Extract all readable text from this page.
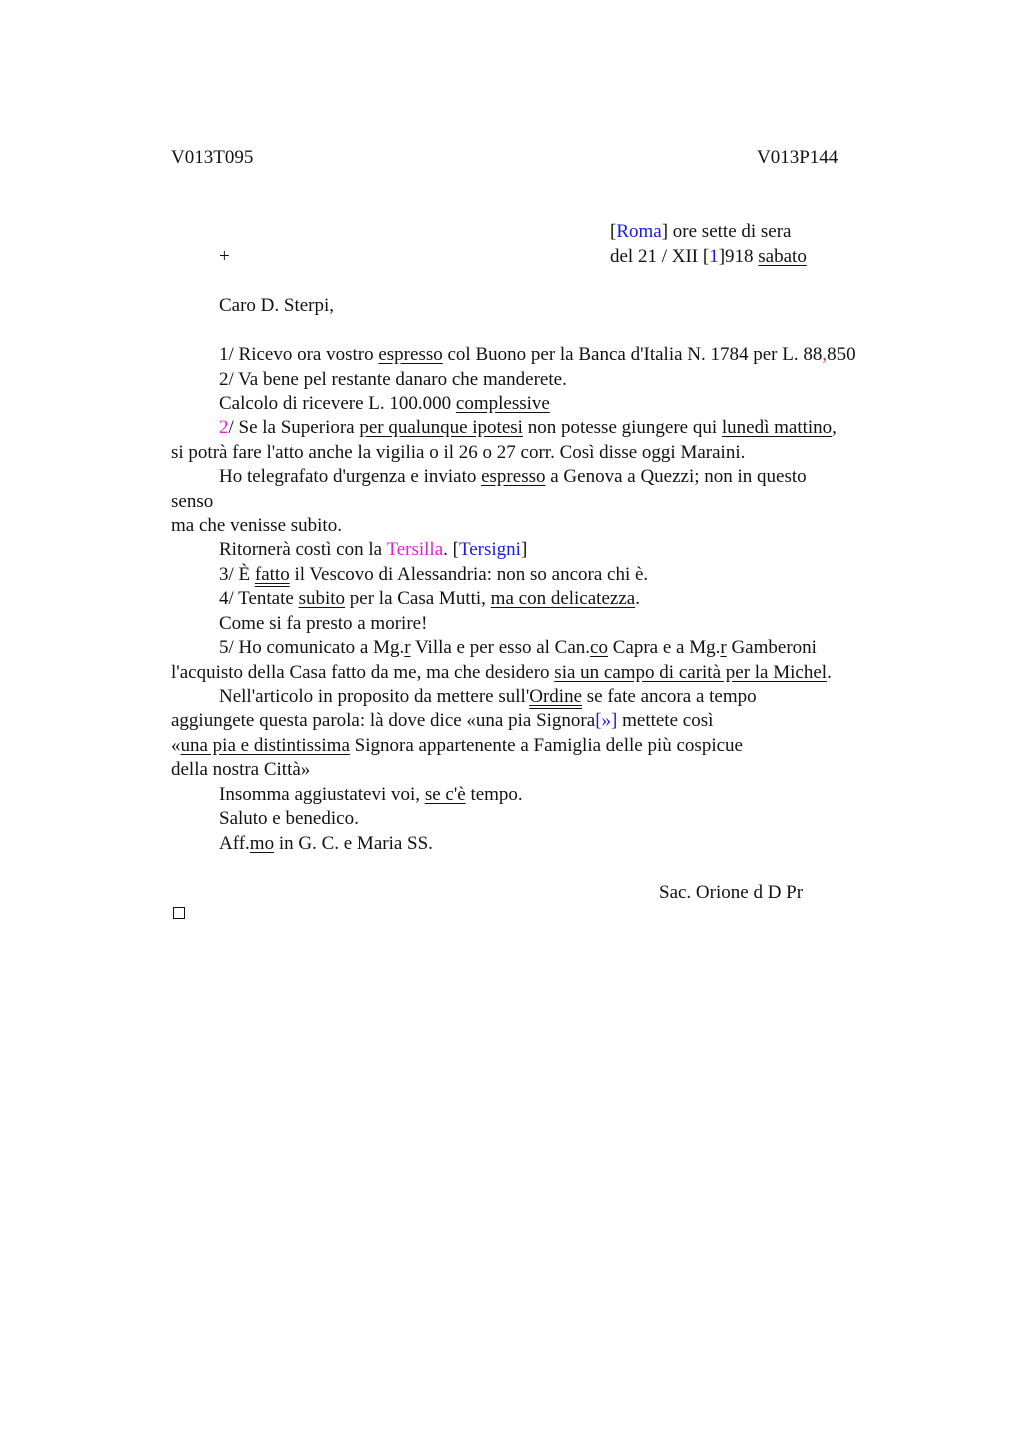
V013T095	V013P144
[Roma] ore sette di sera
+	del 21 / XII [1]918 sabato
Caro D. Sterpi,
1/ Ricevo ora vostro espresso col Buono per la Banca d'Italia N. 1784 per L. 88,850
2/ Va bene pel restante danaro che manderete.
Calcolo di ricevere L. 100.000 complessive
2/ Se la Superiora per qualunque ipotesi non potesse giungere qui lunedì mattino,
si potrà fare l'atto anche la vigilia o il 26 o 27 corr. Così disse oggi Maraini.
Ho telegrafato d'urgenza e inviato espresso a Genova a Quezzi; non in questo
senso
ma che venisse subito.
Ritornerà costì con la Tersilla. [Tersigni]
3/ È fatto il Vescovo di Alessandria: non so ancora chi è.
4/ Tentate subito per la Casa Mutti, ma con delicatezza.
Come si fa presto a morire!
5/ Ho comunicato a Mg.r Villa e per esso al Can.co Capra e a Mg.r Gamberoni
l'acquisto della Casa fatto da me, ma che desidero sia un campo di carità per la Michel.
Nell'articolo in proposito da mettere sull'Ordine se fate ancora a tempo
aggiungete questa parola: là dove dice «una pia Signora[»] mettete così
«una pia e distintissima Signora appartenente a Famiglia delle più cospicue
della nostra Città»
Insomma aggiustatevi voi, se c'è tempo.
Saluto e benedico.
Aff.mo in G. C. e Maria SS.
Sac. Orione d D Pr
